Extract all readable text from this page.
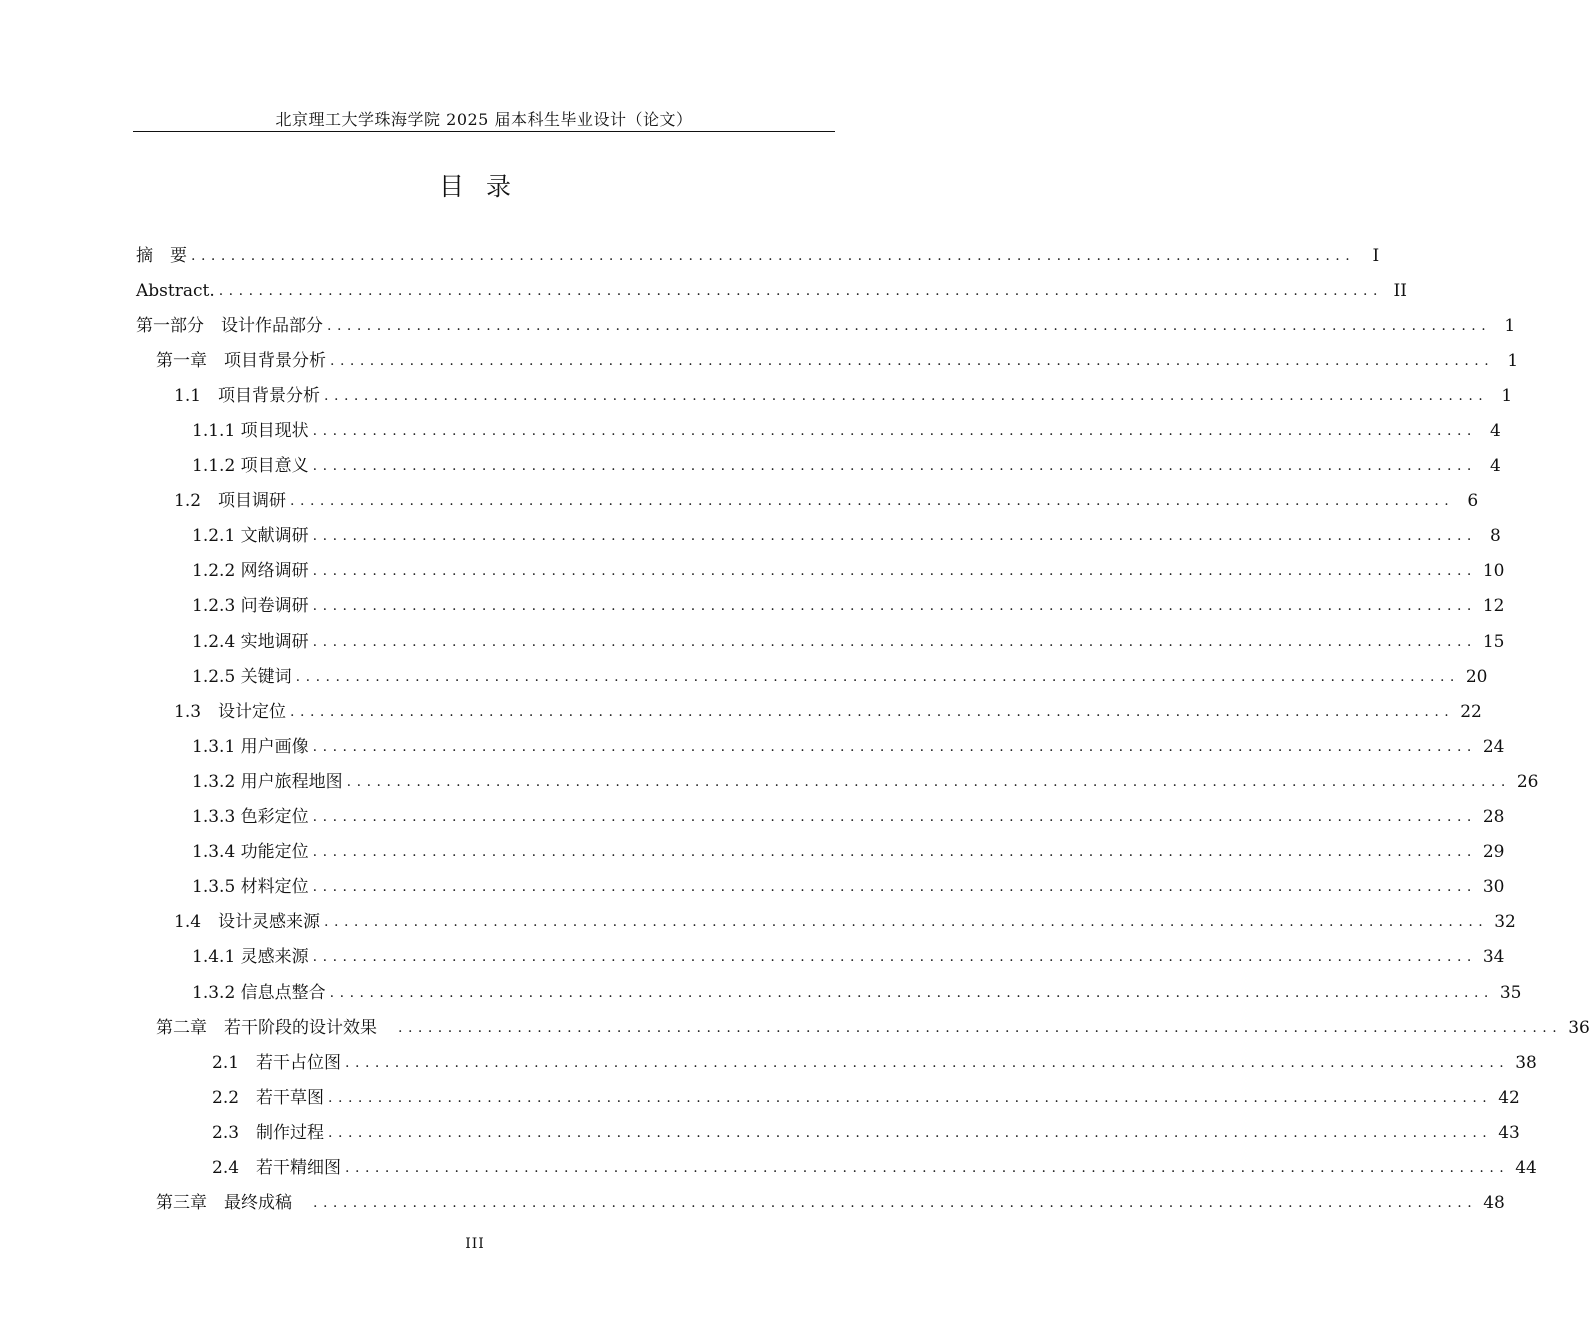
北京理工大学珠海学院 2025 届本科生毕业设计（论文）
目录
摘　要 .....................................................................................................................	I
Abstract. ..................................................................................................................... II
第一部分　设计作品部分 ..................................................................................................................... 1
第一章　项目背景分析 ..................................................................................................................... 1
1.1　项目背景分析 ..................................................................................................................... 1
1.1.1 项目现状 ..................................................................................................................... 4
1.1.2 项目意义 ..................................................................................................................... 4
1.2　项目调研 ..................................................................................................................... 6
1.2.1 文献调研 ..................................................................................................................... 8
1.2.2 网络调研 ..................................................................................................................... 10
1.2.3 问卷调研 ..................................................................................................................... 12
1.2.4 实地调研 ..................................................................................................................... 15
1.2.5 关键词 ..................................................................................................................... 20
1.3　设计定位 ..................................................................................................................... 22
1.3.1 用户画像 ..................................................................................................................... 24
1.3.2 用户旅程地图 ..................................................................................................................... 26
1.3.3 色彩定位 ..................................................................................................................... 28
1.3.4 功能定位 ..................................................................................................................... 29
1.3.5 材料定位 ..................................................................................................................... 30
1.4　设计灵感来源 ..................................................................................................................... 32
1.4.1 灵感来源 ..................................................................................................................... 34
1.3.2 信息点整合 ..................................................................................................................... 35
第二章　若干阶段的设计效果　 ..................................................................................................................... 36
2.1　若干占位图 ..................................................................................................................... 38
2.2　若干草图 ..................................................................................................................... 42
2.3　制作过程 ..................................................................................................................... 43
2.4　若干精细图 ..................................................................................................................... 44
第三章　最终成稿　 ..................................................................................................................... 48
III
